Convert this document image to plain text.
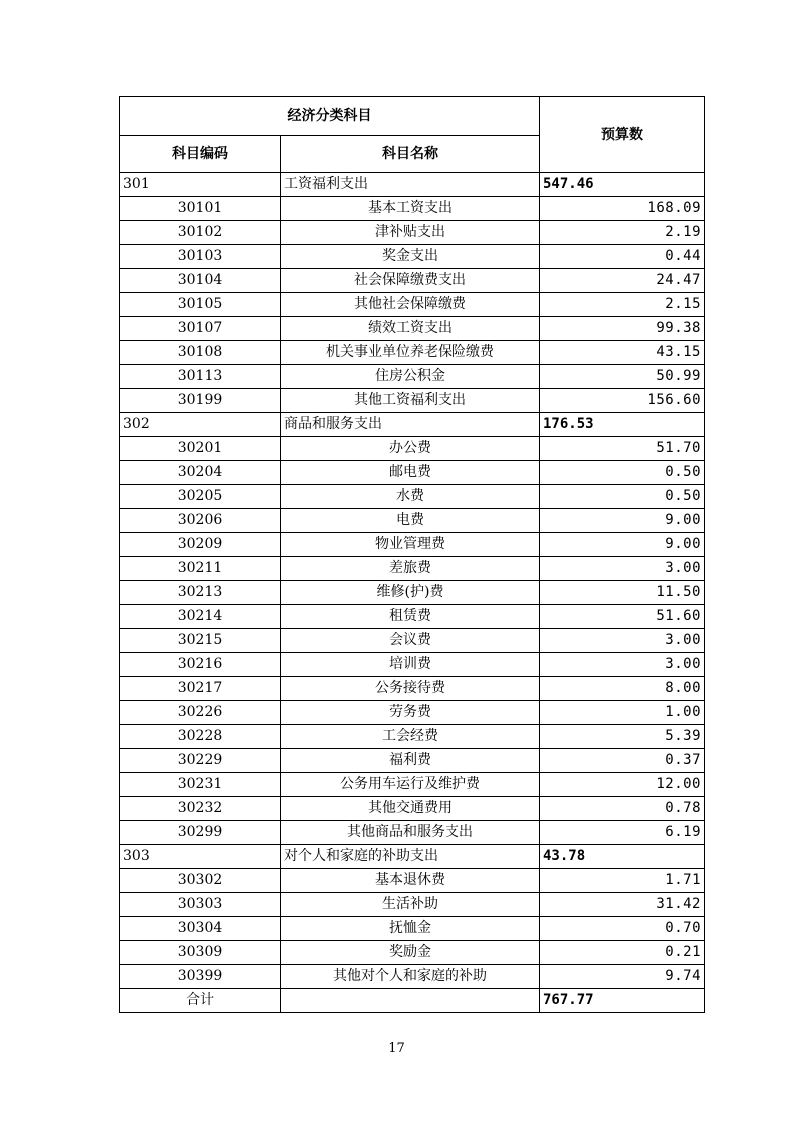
经济分类科目		预算数
科目编码	科目名称	
301	工资福利支出	547.46
30101	基本工资支出	168.09
30102	津补贴支出	2.19
30103	奖金支出	0.44
30104	社会保障缴费支出	24.47
30105	其他社会保障缴费	2.15
30107	绩效工资支出	99.38
30108	机关事业单位养老保险缴费	43.15
30113	住房公积金	50.99
30199	其他工资福利支出	156.60
302	商品和服务支出	176.53
30201	办公费	51.70
30204	邮电费	0.50
30205	水费	0.50
30206	电费	9.00
30209	物业管理费	9.00
30211	差旅费	3.00
30213	维修(护)费	11.50
30214	租赁费	51.60
30215	会议费	3.00
30216	培训费	3.00
30217	公务接待费	8.00
30226	劳务费	1.00
30228	工会经费	5.39
30229	福利费	0.37
30231	公务用车运行及维护费	12.00
30232	其他交通费用	0.78
30299	其他商品和服务支出	6.19
303	对个人和家庭的补助支出	43.78
30302	基本退休费	1.71
30303	生活补助	31.42
30304	抚恤金	0.70
30309	奖励金	0.21
30399	其他对个人和家庭的补助	9.74
合计		767.77
17
